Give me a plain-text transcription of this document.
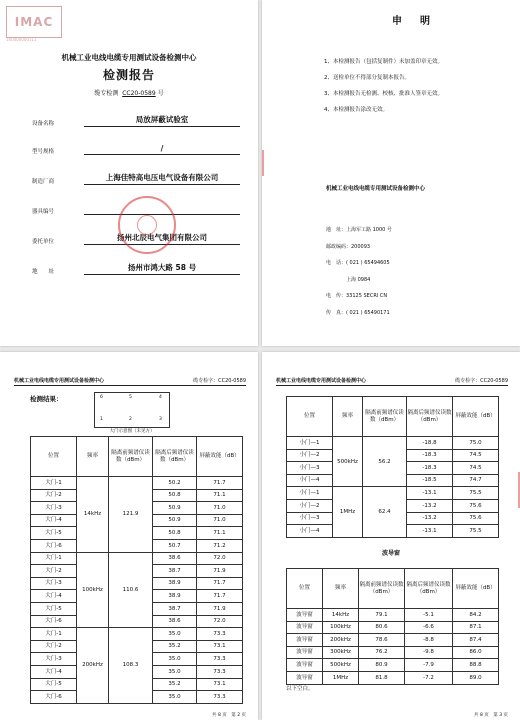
IMAC
160000000111
机械工业电线电缆专用测试设备检测中心
检测报告
缆专检测 CC20-0589 号
设备名称	局放屏蔽试验室
型号规格	/
制造厂商	上海佳特高电压电气设备有限公司
器具编号
委托单位	扬州北辰电气集团有限公司
地　　址	扬州市鸿大路 58 号
申明
1、本检测报告（包括复制件）未加盖印章无效。
2、送检单位不得部分复制本报告。
3、本检测报告无检测、校核、批准人签章无效。
4、本检测报告涂改无效。
机械工业电线电缆专用测试设备检测中心
地　址：上海军工路 1000 号
邮政编码：200093
电　话：( 021 ) 65494605
　　　　上海 0984
电　传：33125 SECRI CN
传　真：( 021 ) 65490171
机械工业电线电缆专用测试设备检测中心	缆专检字：CC20-0589
检测结果：	6	5	4
1	2	3
大门示意图（未见方）
位置	频率	隔离前频谱仪读数（dBm）	隔离后频谱仪读数（dBm）	屏蔽效能（dB）
大门-1	14kHz	121.9	50.2	71.7
大门-2			50.8	71.1
大门-3			50.9	71.0
大门-4			50.9	71.0
大门-5			50.8	71.1
大门-6			50.7	71.2
大门-1	100kHz	110.6	38.6	72.0
大门-2			38.7	71.9
大门-3			38.9	71.7
大门-4			38.9	71.7
大门-5			38.7	71.9
大门-6			38.6	72.0
大门-1	200kHz	108.3	35.0	73.3
大门-2			35.2	73.1
大门-3			35.0	73.3
大门-4			35.0	73.3
大门-5			35.2	73.1
大门-6			35.0	73.3
共 8 页　第 2 页
机械工业电线电缆专用测试设备检测中心	缆专检字：CC20-0589
位置	频率	隔离前频谱仪读数（dBm）	隔离后频谱仪读数（dBm）	屏蔽效能（dB）
小门—1	500kHz	56.2	-18.8	75.0
小门—2			-18.3	74.5
小门—3			-18.3	74.5
小门—4			-18.5	74.7
小门—1	1MHz	62.4	-13.1	75.5
小门—2			-13.2	75.6
小门—3			-13.2	75.6
小门—4			-13.1	75.5
波导窗
位置	频率	隔离前频谱仪读数（dBm）	隔离后频谱仪读数（dBm）	屏蔽效能（dB）
波导窗	14kHz	79.1	-5.1	84.2
波导窗	100kHz	80.6	-6.6	87.1
波导窗	200kHz	78.6	-8.8	87.4
波导窗	300kHz	76.2	-9.8	86.0
波导窗	500kHz	80.9	-7.9	88.8
波导窗	1MHz	81.8	-7.2	89.0
以下空白。
共 8 页　第 3 页
